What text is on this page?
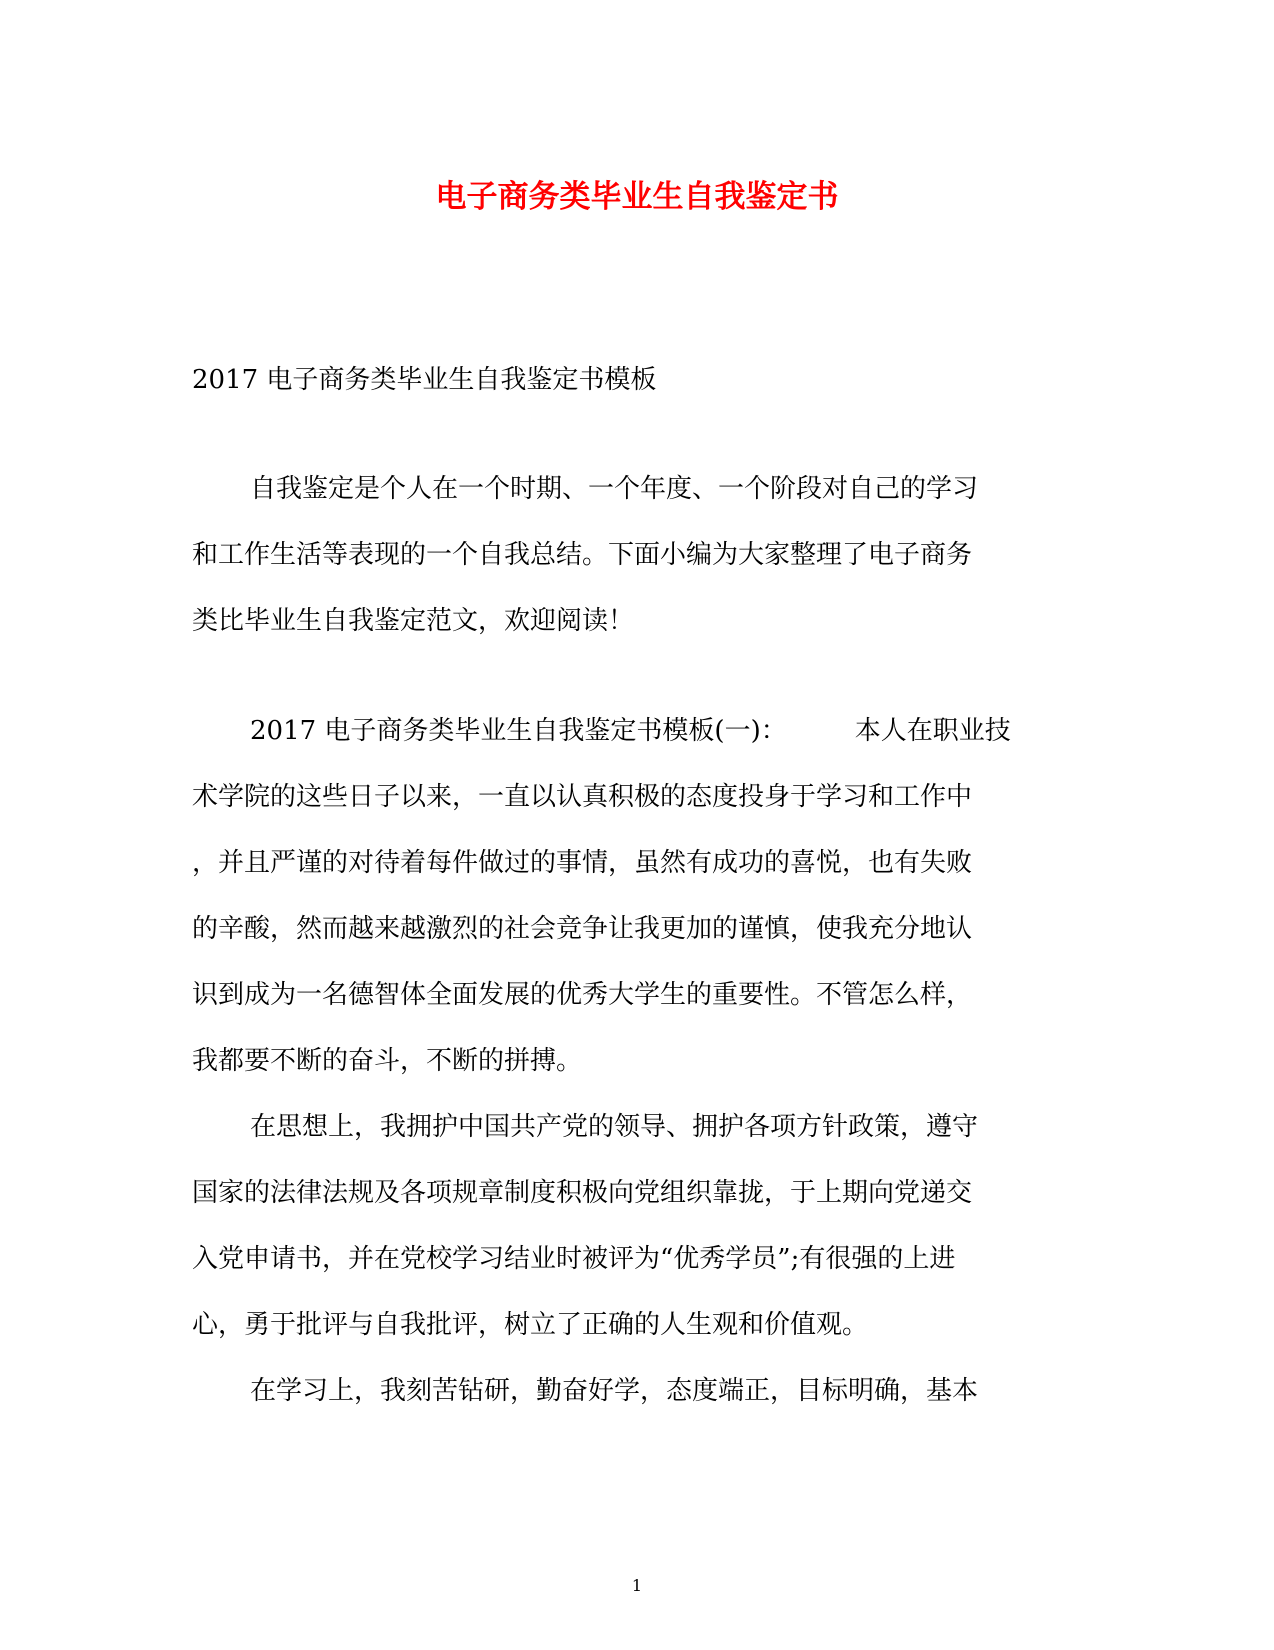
电子商务类毕业生自我鉴定书
2017 电子商务类毕业生自我鉴定书模板
自我鉴定是个人在一个时期、一个年度、一个阶段对自己的学习
和工作生活等表现的一个自我总结。下面小编为大家整理了电子商务
类比毕业生自我鉴定范文，欢迎阅读！
2017 电子商务类毕业生自我鉴定书模板(一)：	本人在职业技
术学院的这些日子以来，一直以认真积极的态度投身于学习和工作中
，并且严谨的对待着每件做过的事情，虽然有成功的喜悦，也有失败
的辛酸，然而越来越激烈的社会竞争让我更加的谨慎，使我充分地认
识到成为一名德智体全面发展的优秀大学生的重要性。不管怎么样，
我都要不断的奋斗，不断的拼搏。
在思想上，我拥护中国共产党的领导、拥护各项方针政策，遵守
国家的法律法规及各项规章制度积极向党组织靠拢，于上期向党递交
入党申请书，并在党校学习结业时被评为“优秀学员”;有很强的上进
心，勇于批评与自我批评，树立了正确的人生观和价值观。
在学习上，我刻苦钻研，勤奋好学，态度端正，目标明确，基本
1
